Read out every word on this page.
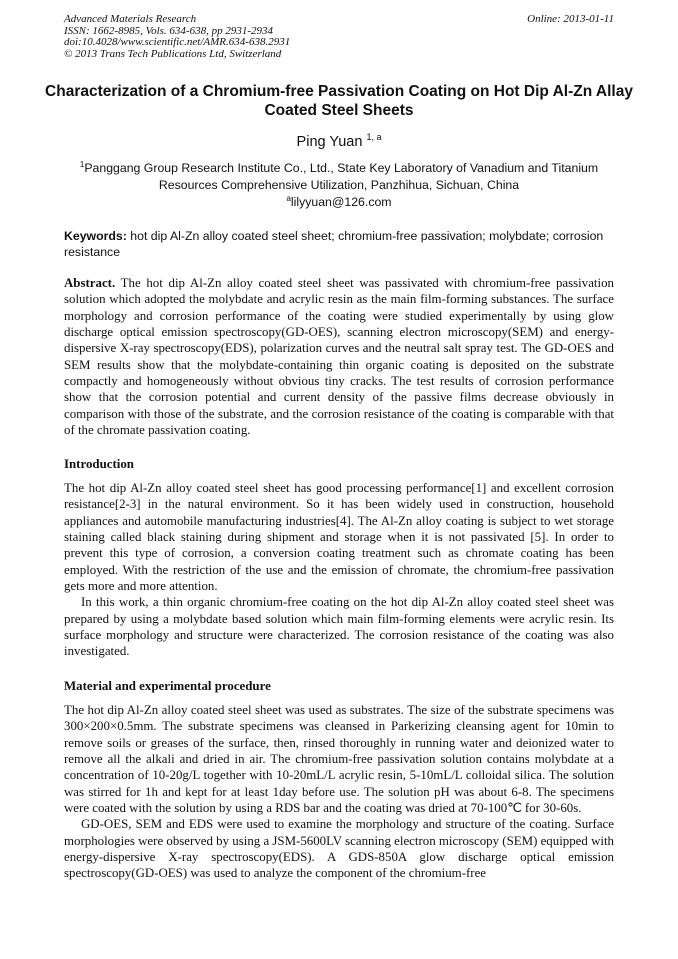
Advanced Materials Research
ISSN: 1662-8985, Vols. 634-638, pp 2931-2934
doi:10.4028/www.scientific.net/AMR.634-638.2931
© 2013 Trans Tech Publications Ltd, Switzerland
Online: 2013-01-11
Characterization of a Chromium-free Passivation Coating on Hot Dip Al-Zn Allay Coated Steel Sheets
Ping Yuan $^{1, a}$
$^1$Panggang Group Research Institute Co., Ltd., State Key Laboratory of Vanadium and Titanium Resources Comprehensive Utilization, Panzhihua, Sichuan, China
$^a$lilyyuan@126.com
Keywords: hot dip Al-Zn alloy coated steel sheet; chromium-free passivation; molybdate; corrosion resistance

Abstract. The hot dip Al-Zn alloy coated steel sheet was passivated with chromium-free passivation solution which adopted the molybdate and acrylic resin as the main film-forming substances. The surface morphology and corrosion performance of the coating were studied experimentally by using glow discharge optical emission spectroscopy(GD-OES), scanning electron microscopy(SEM) and energy-dispersive X-ray spectroscopy(EDS), polarization curves and the neutral salt spray test. The GD-OES and SEM results show that the molybdate-containing thin organic coating is deposited on the substrate compactly and homogeneously without obvious tiny cracks. The test results of corrosion performance show that the corrosion potential and current density of the passive films decrease obviously in comparison with those of the substrate, and the corrosion resistance of the coating is comparable with that of the chromate passivation coating.

Introduction

The hot dip Al-Zn alloy coated steel sheet has good processing performance[1] and excellent corrosion resistance[2-3] in the natural environment. So it has been widely used in construction, household appliances and automobile manufacturing industries[4]. The Al-Zn alloy coating is subject to wet storage staining called black staining during shipment and storage when it is not passivated [5]. In order to prevent this type of corrosion, a conversion coating treatment such as chromate coating has been employed. With the restriction of the use and the emission of chromate, the chromium-free passivation gets more and more attention.

In this work, a thin organic chromium-free coating on the hot dip Al-Zn alloy coated steel sheet was prepared by using a molybdate based solution which main film-forming elements were acrylic resin. Its surface morphology and structure were characterized. The corrosion resistance of the coating was also investigated.

Material and experimental procedure

The hot dip Al-Zn alloy coated steel sheet was used as substrates. The size of the substrate specimens was 300×200×0.5mm. The substrate specimens was cleansed in Parkerizing cleansing agent for 10min to remove soils or greases of the surface, then, rinsed thoroughly in running water and deionized water to remove all the alkali and dried in air. The chromium-free passivation solution contains molybdate at a concentration of 10-20g/L together with 10-20mL/L acrylic resin, 5-10mL/L colloidal silica. The solution was stirred for 1h and kept for at least 1day before use. The solution pH was about 6-8. The specimens were coated with the solution by using a RDS bar and the coating was dried at 70-100℃ for 30-60s.

GD-OES, SEM and EDS were used to examine the morphology and structure of the coating. Surface morphologies were observed by using a JSM-5600LV scanning electron microscopy (SEM) equipped with energy-dispersive X-ray spectroscopy(EDS). A GDS-850A glow discharge optical emission spectroscopy(GD-OES) was used to analyze the component of the chromium-free
